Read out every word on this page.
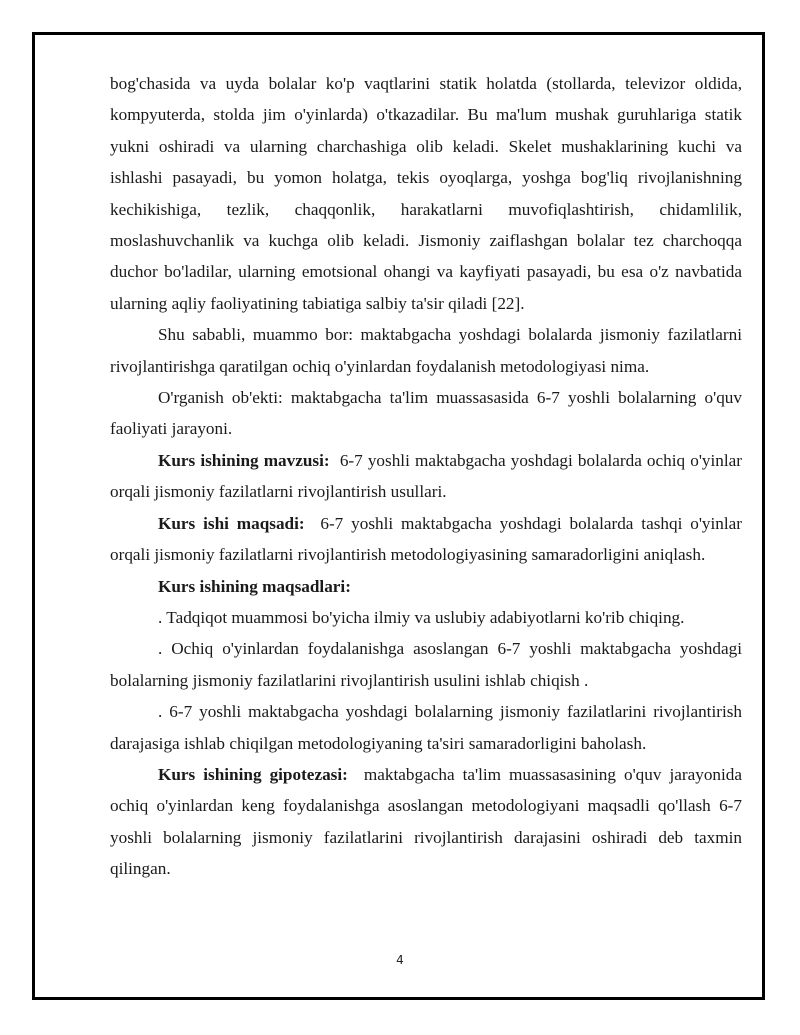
bog'chasida va uyda bolalar ko'p vaqtlarini statik holatda (stollarda, televizor oldida, kompyuterda, stolda jim o'yinlarda) o'tkazadilar. Bu ma'lum mushak guruhlariga statik yukni oshiradi va ularning charchashiga olib keladi. Skelet mushaklarining kuchi va ishlashi pasayadi, bu yomon holatga, tekis oyoqlarga, yoshga bog'liq rivojlanishning kechikishiga, tezlik, chaqqonlik, harakatlarni muvofiqlashtirish, chidamlilik, moslashuvchanlik va kuchga olib keladi. Jismoniy zaiflashgan bolalar tez charchoqqa duchor bo'ladilar, ularning emotsional ohangi va kayfiyati pasayadi, bu esa o'z navbatida ularning aqliy faoliyatining tabiatiga salbiy ta'sir qiladi [22].

Shu sababli, muammo bor: maktabgacha yoshdagi bolalarda jismoniy fazilatlarni rivojlantirishga qaratilgan ochiq o'yinlardan foydalanish metodologiyasi nima.

O'rganish ob'ekti: maktabgacha ta'lim muassasasida 6-7 yoshli bolalarning o'quv faoliyati jarayoni.

Kurs ishining mavzusi: 6-7 yoshli maktabgacha yoshdagi bolalarda ochiq o'yinlar orqali jismoniy fazilatlarni rivojlantirish usullari.

Kurs ishi maqsadi: 6-7 yoshli maktabgacha yoshdagi bolalarda tashqi o'yinlar orqali jismoniy fazilatlarni rivojlantirish metodologiyasining samaradorligini aniqlash.

Kurs ishining maqsadlari:

. Tadqiqot muammosi bo'yicha ilmiy va uslubiy adabiyotlarni ko'rib chiqing.

. Ochiq o'yinlardan foydalanishga asoslangan 6-7 yoshli maktabgacha yoshdagi bolalarning jismoniy fazilatlarini rivojlantirish usulini ishlab chiqish .

. 6-7 yoshli maktabgacha yoshdagi bolalarning jismoniy fazilatlarini rivojlantirish darajasiga ishlab chiqilgan metodologiyaning ta'siri samaradorligini baholash.

Kurs ishining gipotezasi: maktabgacha ta'lim muassasasining o'quv jarayonida ochiq o'yinlardan keng foydalanishga asoslangan metodologiyani maqsadli qo'llash 6-7 yoshli bolalarning jismoniy fazilatlarini rivojlantirish darajasini oshiradi deb taxmin qilingan.

4
